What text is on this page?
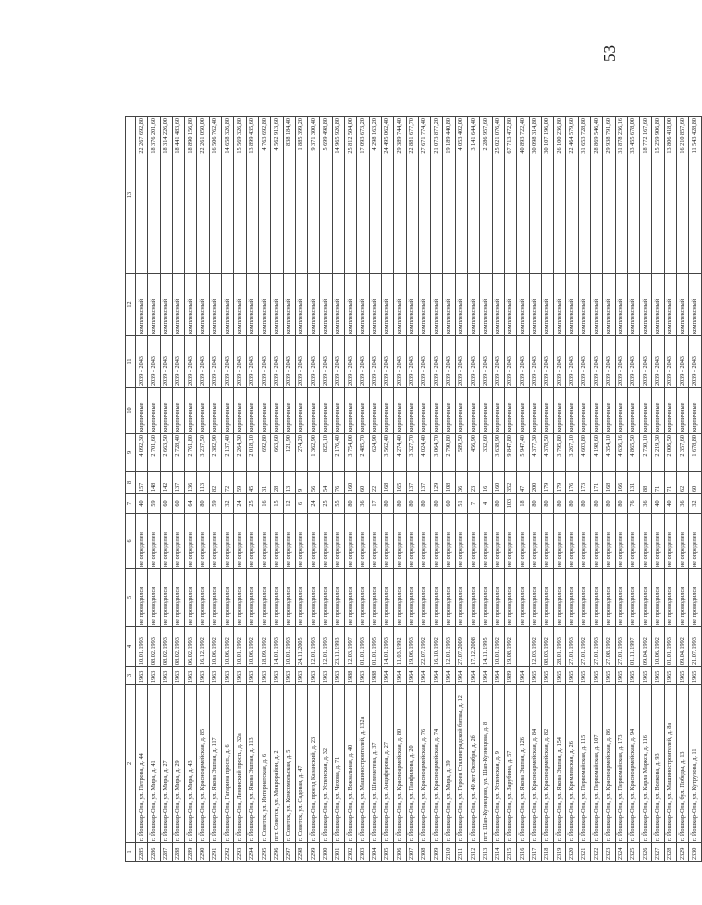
53
1	2	3	4	5	6	7	8	9	10	11	12	13
2285	г. Йошкар-Ола, ул. Петрова, д. 44	1963	10.01.1993	не проводился	не определен	40	157	4 092,30	кирпичные	2039 - 2043	комплексный	22 267 692,80
2286	г. Йошкар-Ола, ул. Мира, д. 41	1963	08.02.1993	не проводился	не определен	59	148	2 701,60	кирпичные	2039 - 2043	комплексный	18 376 201,60
2287	г. Йошкар-Ола, ул. Мира, д. 27	1963	08.02.1993	не проводился	не определен	60	142	2 663,50	кирпичные	2039 - 2043	комплексный	18 314 226,00
2288	г. Йошкар-Ола, ул. Мира, д. 29	1963	08.02.1993	не проводился	не определен	60	137	2 728,40	кирпичные	2039 - 2043	комплексный	18 441 483,60
2289	г. Йошкар-Ола, ул. Мира, д. 43	1963	06.02.1993	не проводился	не определен	64	136	2 761,80	кирпичные	2039 - 2043	комплексный	18 890 156,80
2290	г. Йошкар-Ола, ул. Красноармейская, д. 85	1963	16.12.1992	не проводился	не определен	80	113	3 237,50	кирпичные	2039 - 2043	комплексный	22 261 050,00
2291	г. Йошкар-Ола, ул. Якова Эшпая, д. 117	1963	10.06.1992	не проводился	не определен	59	82	2 382,90	кирпичные	2039 - 2043	комплексный	16 506 762,40
2292	г. Йошкар-Ола, Гагарина просп., д. 6	1963	10.06.1992	не проводился	не определен	32	72	2 137,40	кирпичные	2039 - 2043	комплексный	14 658 326,80
2293	г. Йошкар-Ола, Ленинский просп., д. 32а	1963	10.01.1992	не проводился	не определен	24	59	2 264,30	кирпичные	2039 - 2043	комплексный	15 569 326,80
2294	г. Йошкар-Ола, ул. Якова Эшпая, д. 113	1963	10.06.1992	не проводился	не определен	25	45	2 018,10	кирпичные	2039 - 2043	комплексный	13 899 435,60
2295	г. Советск, ул. Интернатская, д. 6	1963	18.09.1992	не проводился	не определен	16	31	692,80	кирпичные	2039 - 2043	комплексный	4 763 692,80
2296	пгт. Советск, ул. Микрорайон, д. 2	1963	14.01.1993	не проводился	не определен	15	28	663,60	кирпичные	2039 - 2043	комплексный	4 562 913,60
2297	г. Советск, ул. Комсомольская, д. 5	1963	10.01.1993	не проводился	не определен	12	13	121,90	кирпичные	2039 - 2043	комплексный	838 184,40
2298	г. Советск, ул. Садовая, д. 47	1963	24.11.2005	не проводился	не определен	6	9	274,20	кирпичные	2039 - 2043	комплексный	1 885 399,20
2299	г. Йошкар-Ола, проезд Казанский, д. 23	1963	12.01.1993	не проводился	не определен	24	56	1 362,90	кирпичные	2039 - 2043	комплексный	9 371 300,40
2300	г. Йошкар-Ола, ул. Успенская, д. 32	1963	12.01.1993	не проводился	не определен	25	54	825,10	кирпичные	2039 - 2043	комплексный	5 699 498,80
2301	г. Йошкар-Ола, ул. Чехова, д. 71	1963	23.11.1993	не проводился	не определен	55	76	2 176,40	кирпичные	2039 - 2043	комплексный	14 965 926,80
2302	г. Йошкар-Ола, ул. Вокзальная, д. 40	1988	12.03.1997	не проводился	не определен	80	160	3 754,00	кирпичные	2039 - 2043	комплексный	25 812 504,00
2303	г. Йошкар-Ола, ул. Машиностроителей, д. 132а	1963	01.01.1993	не проводился	не определен	36	60	2 485,70	кирпичные	2039 - 2043	комплексный	17 093 673,20
2304	г. Йошкар-Ола, ул. Шелеметева, д. 37	1988	01.01.1995	не проводился	не определен	17	22	624,90	кирпичные	2039 - 2043	комплексный	4 298 163,20
2305	г. Йошкар-Ола, ул. Анциферова, д. 27	1964	14.01.1993	не проводился	не определен	80	168	3 562,40	кирпичные	2039 - 2043	комплексный	24 495 062,40
2306	г. Йошкар-Ола, ул. Красноармейская, д. 80	1964	11.03.1992	не проводился	не определен	80	165	4 274,40	кирпичные	2039 - 2043	комплексный	29 389 744,40
2307	г. Йошкар-Ола, ул. Панфилова, д. 20	1964	19.06.1993	не проводился	не определен	80	137	3 327,70	кирпичные	2039 - 2043	комплексный	22 881 677,70
2308	г. Йошкар-Ола, ул. Красноармейская, д. 76	1964	22.07.1992	не проводился	не определен	80	137	4 024,40	кирпичные	2039 - 2043	комплексный	27 671 774,40
2309	г. Йошкар-Ола, ул. Красноармейская, д. 74	1964	16.10.1992	не проводился	не определен	80	129	3 064,70	кирпичные	2039 - 2043	комплексный	21 073 877,20
2310	г. Йошкар-Ола, ул. Мира, д. 39	1964	12.01.1993	не проводился	не определен	60	108	2 790,80	кирпичные	2039 - 2043	комплексный	19 189 440,80
2311	г. Йошкар-Ола, ул. Героев Сталинградской битвы, д. 12	1964	27.07.2009	не проводился	не определен	51	36	589,50	кирпичные	2039 - 2043	комплексный	4 053 402,00
2312	г. Йошкар-Ола, ул. 40 лет Октября, д. 2б	1964	17.12.2008	не проводился	не определен	7	23	456,90	кирпичные	2039 - 2043	комплексный	3 141 644,40
2313	пгт. Шап-Кузнецово, ул. Шап-Кузнецова, д. 8	1964	14.11.1995	не проводился	не определен	4	16	332,60	кирпичные	2039 - 2043	комплексный	2 286 957,60
2314	г. Йошкар-Ола, ул. Успенская, д. 9	1964	10.01.1992	не проводился	не определен	80	160	3 638,90	кирпичные	2039 - 2043	комплексный	25 021 076,40
2315	г. Йошкар-Ола, ул. Зарубина, д. 57	1989	19.08.1992	не проводился	не определен	103	352	9 847,80	кирпичные	2039 - 2043	комплексный	67 713 472,80
2316	г. Йошкар-Ола, ул. Якова Эшпая, д. 126	1964		не проводился	не определен	18	47	5 947,40	кирпичные	2039 - 2043	комплексный	40 893 722,40
2317	г. Йошкар-Ола, ул. Красноармейская, д. 84	1965	12.03.1992	не проводился	не определен	80	200	4 377,30	кирпичные	2039 - 2043	комплексный	30 098 314,80
2318	г. Йошкар-Ола, ул. Красноармейская, д. 82	1965	08.03.1992	не проводился	не определен	80	179	4 378,50	кирпичные	2039 - 2043	комплексный	30 107 196,00
2319	г. Йошкар-Ола, ул. Якова Эшпая, д. 154	1965	28.01.1993	не проводился	не определен	80	179	3 795,80	кирпичные	2039 - 2043	комплексный	26 100 236,80
2320	г. Йошкар-Ола, ул. Кремлевская, д. 26	1965	27.01.1993	не проводился	не определен	80	176	3 267,10	кирпичные	2039 - 2043	комплексный	22 464 579,60
2321	г. Йошкар-Ола, ул. Первомайская, д. 115	1965	27.01.1992	не проводился	не определен	80	173	4 603,80	кирпичные	2039 - 2043	комплексный	31 653 728,80
2322	г. Йошкар-Ола, ул. Первомайская, д. 107	1965	27.01.1993	не проводился	не определен	80	171	4 198,60	кирпичные	2039 - 2043	комплексный	28 869 546,40
2323	г. Йошкар-Ола, ул. Красноармейская, д. 86	1965	27.08.1992	не проводился	не определен	80	168	4 354,10	кирпичные	2039 - 2043	комплексный	29 938 791,60
2324	г. Йошкар-Ола, ул. Первомайская, д. 173	1965	27.01.1993	не проводился	не определен	80	166	4 636,16	кирпичные	2039 - 2043	комплексный	31 878 236,16
2325	г. Йошкар-Ола, ул. Красноармейская, д. 94	1965	01.11.1997	не проводился	не определен	76	131	4 865,50	кирпичные	2039 - 2043	комплексный	33 455 678,00
2326	г. Йошкар-Ола, ул. Карла Маркса, д. 116	1965	09.04.1992	не проводился	не определен	36	88	2 730,10	кирпичные	2039 - 2043	комплексный	18 772 167,60
2327	г. Йошкар-Ола, ул. Волкова, д. 93	1965	10.06.1992	не проводился	не определен	40	71	2 219,30	кирпичные	2039 - 2043	комплексный	15 259 906,80
2328	г. Йошкар-Ола, ул. Машиностроителей, д. 8а	1965	01.01.1993	не проводился	не определен	40	71	2 006,50	кирпичные	2039 - 2043	комплексный	13 806 418,00
2329	г. Йошкар-Ола, бул. Победы, д. 13	1965	09.04.1992	не проводился	не определен	36	62	2 357,60	кирпичные	2039 - 2043	комплексный	16 210 857,60
2330	г. Йошкар-Ола, ул. Кутрузова, д. 11	1965	21.07.1993	не проводился	не определен	32	60	1 678,80	кирпичные	2039 - 2043	комплексный	11 543 428,80
